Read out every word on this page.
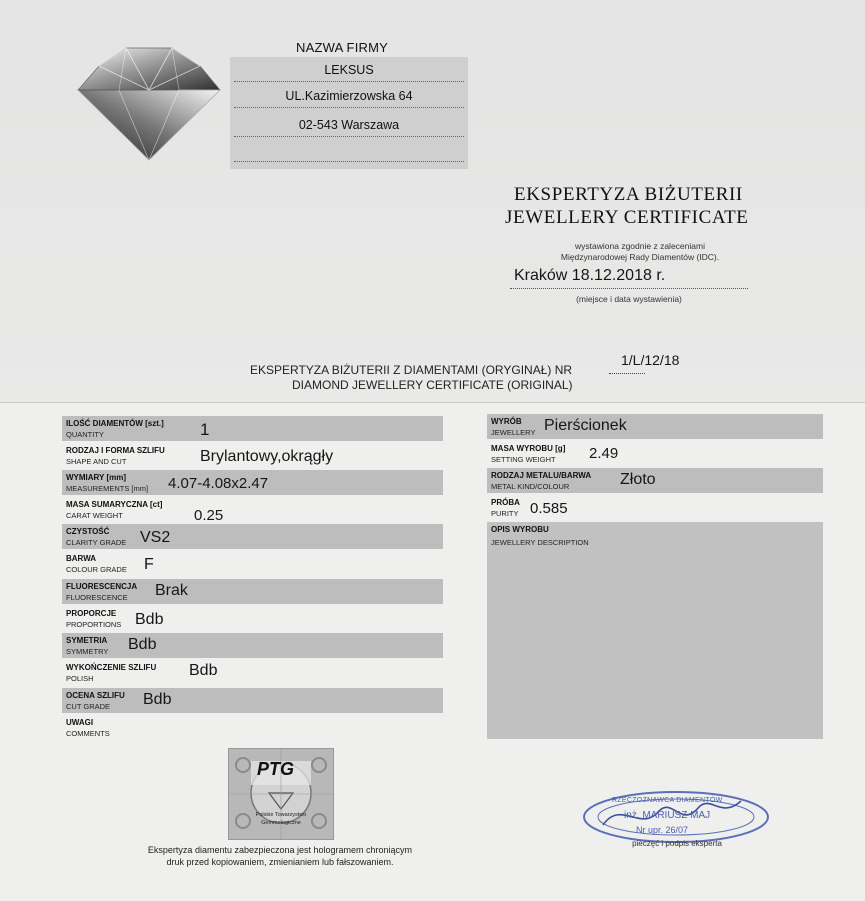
NAZWA FIRMY
LEKSUS
UL.Kazimierzowska 64
02-543 Warszawa
EKSPERTYZA BIŻUTERII
JEWELLERY CERTIFICATE
wystawiona zgodnie z zaleceniami
Międzynarodowej Rady Diamentów (IDC).
Kraków 18.12.2018 r.
(miejsce i data wystawienia)
EKSPERTYZA BIŻUTERII Z DIAMENTAMI (ORYGINAŁ) NR
1/L/12/18
DIAMOND JEWELLERY CERTIFICATE (ORIGINAL)
ILOŚĆ DIAMENTÓW [szt.]
QUANTITY	1
RODZAJ I FORMA SZLIFU
SHAPE AND CUT	Brylantowy,okrągły
WYMIARY [mm]
MEASUREMENTS [mm] 4.07-4.08x2.47
MASA SUMARYCZNA [ct]
CARAT WEIGHT	0.25
CZYSTOŚĆ
CLARITY GRADE VS2
BARWA
COLOUR GRADE F
FLUORESCENCJA
FLUORESCENCE Brak
PROPORCJE
PROPORTIONS Bdb
SYMETRIA
SYMMETRY Bdb
WYKOŃCZENIE SZLIFU
POLISH	Bdb
OCENA SZLIFU
CUT GRADE Bdb
UWAGI
COMMENTS
WYRÓB
JEWELLERY Pierścionek
MASA WYROBU [g]
SETTING WEIGHT 2.49
RODZAJ METALU/BARWA
METAL KIND/COLOUR	Złoto
PRÓBA
PURITY 0.585
OPIS WYROBU
JEWELLERY DESCRIPTION
PTG
Polskie Towarzystwo
Gemmologiczne
Ekspertyza diamentu zabezpieczona jest hologramem chroniącym
druk przed kopiowaniem, zmienianiem lub fałszowaniem.
RZECZOZNAWCA DIAMENTÓW
inż. MARIUSZ MAJ
Nr upr. 26/07
pieczęć i podpis eksperta
